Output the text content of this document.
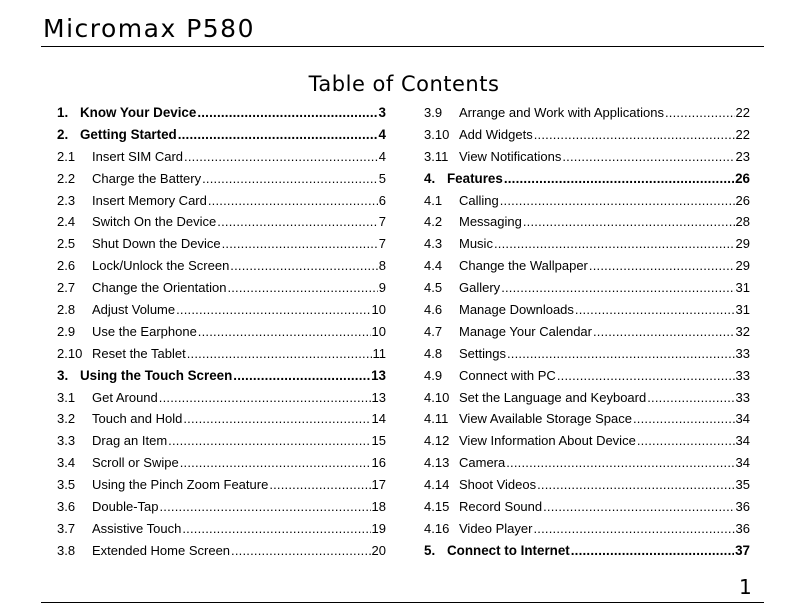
Micromax P580
Table of Contents
1. Know Your Device .....	3
2. Getting Started .....	4
2.1	Insert SIM Card .....	4
2.2	Charge the Battery .....	5
2.3	Insert Memory Card .....	6
2.4	Switch On the Device .....	7
2.5	Shut Down the Device .....	7
2.6	Lock/Unlock the Screen .....	8
2.7	Change the Orientation .....	9
2.8	Adjust Volume .....	10
2.9	Use the Earphone .....	10
2.10 Reset the Tablet .....	11
3. Using the Touch Screen .....	13
3.1	Get Around .....	13
3.2	Touch and Hold .....	14
3.3	Drag an Item .....	15
3.4	Scroll or Swipe .....	16
3.5	Using the Pinch Zoom Feature .....	17
3.6	Double-Tap .....	18
3.7	Assistive Touch .....	19
3.8	Extended Home Screen .....	20
3.9	Arrange and Work with Applications .....	22
3.10 Add Widgets .....	22
3.11 View Notifications .....	23
4. Features .....	26
4.1	Calling .....	26
4.2	Messaging .....	28
4.3	Music .....	29
4.4	Change the Wallpaper .....	29
4.5	Gallery .....	31
4.6	Manage Downloads .....	31
4.7	Manage Your Calendar .....	32
4.8	Settings .....	33
4.9	Connect with PC .....	33
4.10 Set the Language and Keyboard .....	33
4.11 View Available Storage Space .....	34
4.12 View Information About Device .....	34
4.13 Camera .....	34
4.14 Shoot Videos .....	35
4.15 Record Sound .....	36
4.16 Video Player .....	36
5. Connect to Internet .....	37
1
